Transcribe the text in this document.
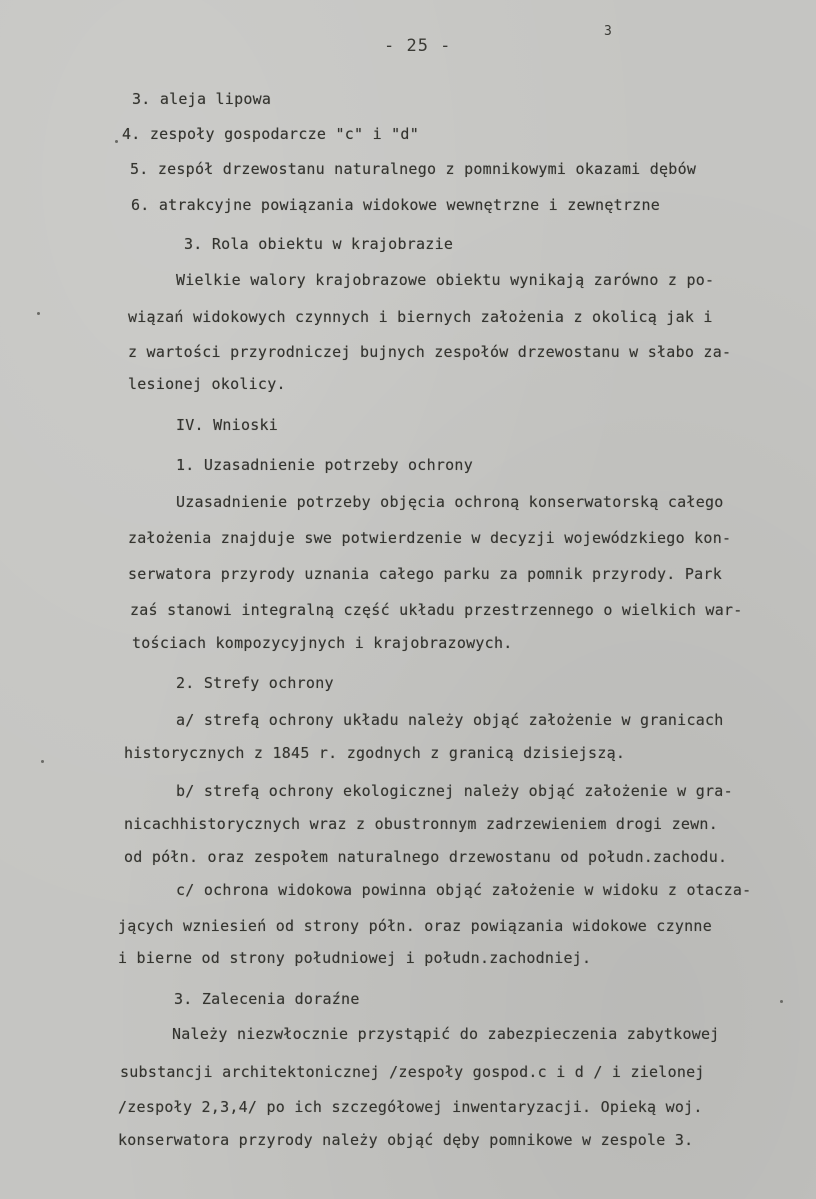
- 25 -
3
3. aleja lipowa
4. zespoły gospodarcze "c" i "d"
5. zespół drzewostanu naturalnego z pomnikowymi okazami dębów
6. atrakcyjne powiązania widokowe wewnętrzne i zewnętrzne
3. Rola obiektu w krajobrazie
Wielkie walory krajobrazowe obiektu wynikają zarówno z po-
wiązań widokowych czynnych i biernych założenia z okolicą jak i
z wartości przyrodniczej bujnych zespołów drzewostanu w słabo za-
lesionej okolicy.
IV. Wnioski
1. Uzasadnienie potrzeby ochrony
Uzasadnienie potrzeby objęcia ochroną konserwatorską całego
założenia znajduje swe potwierdzenie w decyzji wojewódzkiego kon-
serwatora przyrody uznania całego parku za pomnik przyrody. Park
zaś stanowi integralną część układu przestrzennego o wielkich war-
tościach kompozycyjnych i krajobrazowych.
2. Strefy ochrony
a/ strefą ochrony układu należy objąć założenie w granicach
historycznych z 1845 r. zgodnych z granicą dzisiejszą.
b/ strefą ochrony ekologicznej należy objąć założenie w gra-
nicachhistorycznych wraz z obustronnym zadrzewieniem drogi zewn.
od półn. oraz zespołem naturalnego drzewostanu od połudn.zachodu.
c/ ochrona widokowa powinna objąć założenie w widoku z otacza-
jących wzniesień od strony półn. oraz powiązania widokowe czynne
i bierne od strony południowej i połudn.zachodniej.
3. Zalecenia doraźne
Należy niezwłocznie przystąpić do zabezpieczenia zabytkowej
substancji architektonicznej /zespoły gospod.c i d / i zielonej
/zespoły 2,3,4/ po ich szczegółowej inwentaryzacji. Opieką woj.
konserwatora przyrody należy objąć dęby pomnikowe w zespole 3.
